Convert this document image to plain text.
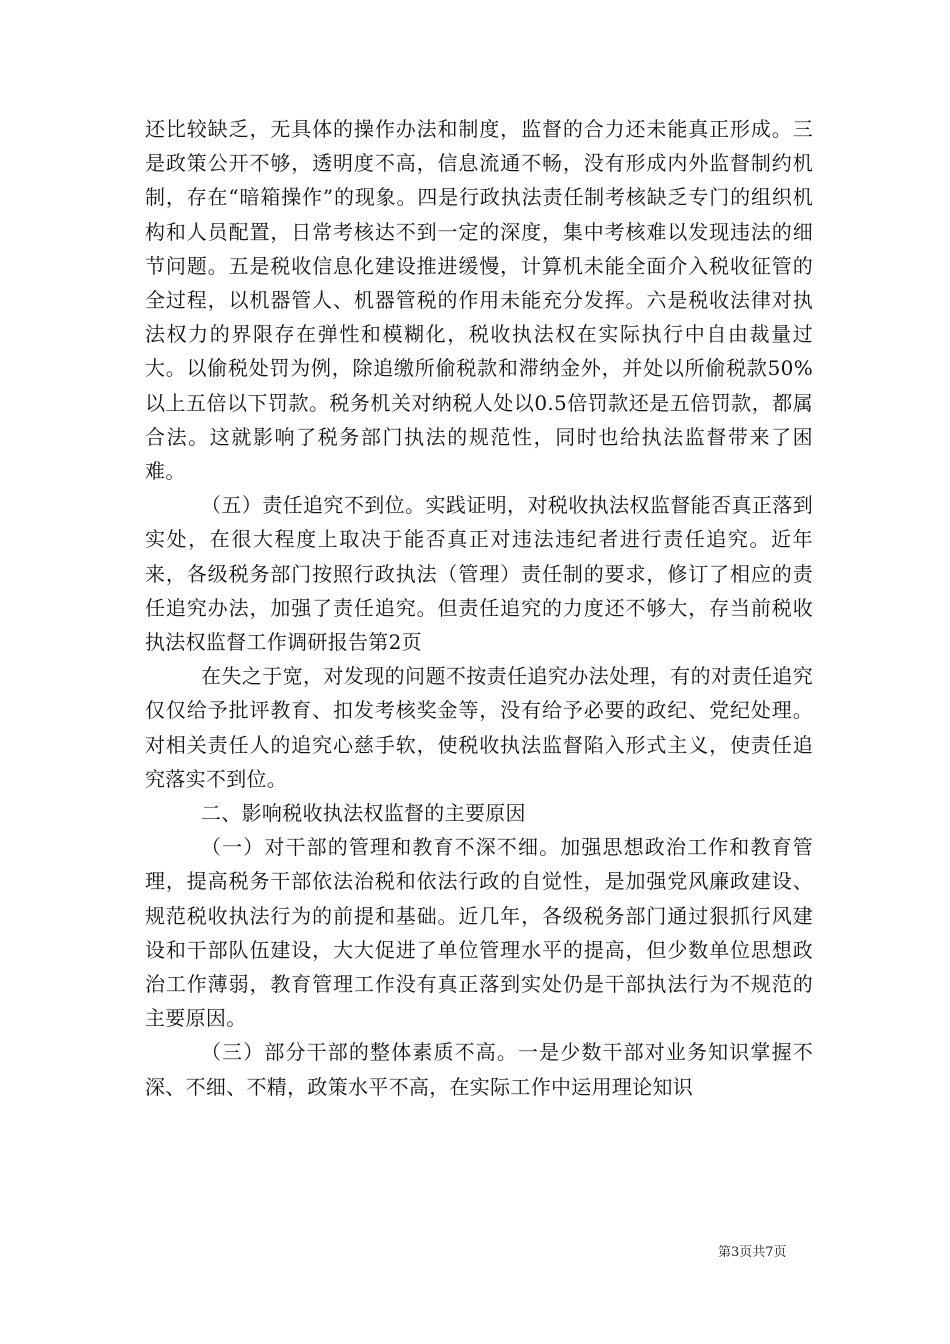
还比较缺乏，无具体的操作办法和制度，监督的合力还未能真正形成。三是政策公开不够，透明度不高，信息流通不畅，没有形成内外监督制约机制，存在“暗箱操作”的现象。四是行政执法责任制考核缺乏专门的组织机构和人员配置，日常考核达不到一定的深度，集中考核难以发现违法的细节问题。五是税收信息化建设推进缓慢，计算机未能全面介入税收征管的全过程，以机器管人、机器管税的作用未能充分发挥。六是税收法律对执法权力的界限存在弹性和模糊化，税收执法权在实际执行中自由裁量过大。以偷税处罚为例，除追缴所偷税款和滞纳金外，并处以所偷税款50%以上五倍以下罚款。税务机关对纳税人处以0.5倍罚款还是五倍罚款，都属合法。这就影响了税务部门执法的规范性，同时也给执法监督带来了困难。

（五）责任追究不到位。实践证明，对税收执法权监督能否真正落到实处，在很大程度上取决于能否真正对违法违纪者进行责任追究。近年来，各级税务部门按照行政执法（管理）责任制的要求，修订了相应的责任追究办法，加强了责任追究。但责任追究的力度还不够大，存当前税收执法权监督工作调研报告第2页

在失之于宽，对发现的问题不按责任追究办法处理，有的对责任追究仅仅给予批评教育、扣发考核奖金等，没有给予必要的政纪、党纪处理。对相关责任人的追究心慈手软，使税收执法监督陷入形式主义，使责任追究落实不到位。

二、影响税收执法权监督的主要原因

（一）对干部的管理和教育不深不细。加强思想政治工作和教育管理，提高税务干部依法治税和依法行政的自觉性，是加强党风廉政建设、规范税收执法行为的前提和基础。近几年，各级税务部门通过狠抓行风建设和干部队伍建设，大大促进了单位管理水平的提高，但少数单位思想政治工作薄弱，教育管理工作没有真正落到实处仍是干部执法行为不规范的主要原因。

（三）部分干部的整体素质不高。一是少数干部对业务知识掌握不深、不细、不精，政策水平不高，在实际工作中运用理论知识

第3页共7页
